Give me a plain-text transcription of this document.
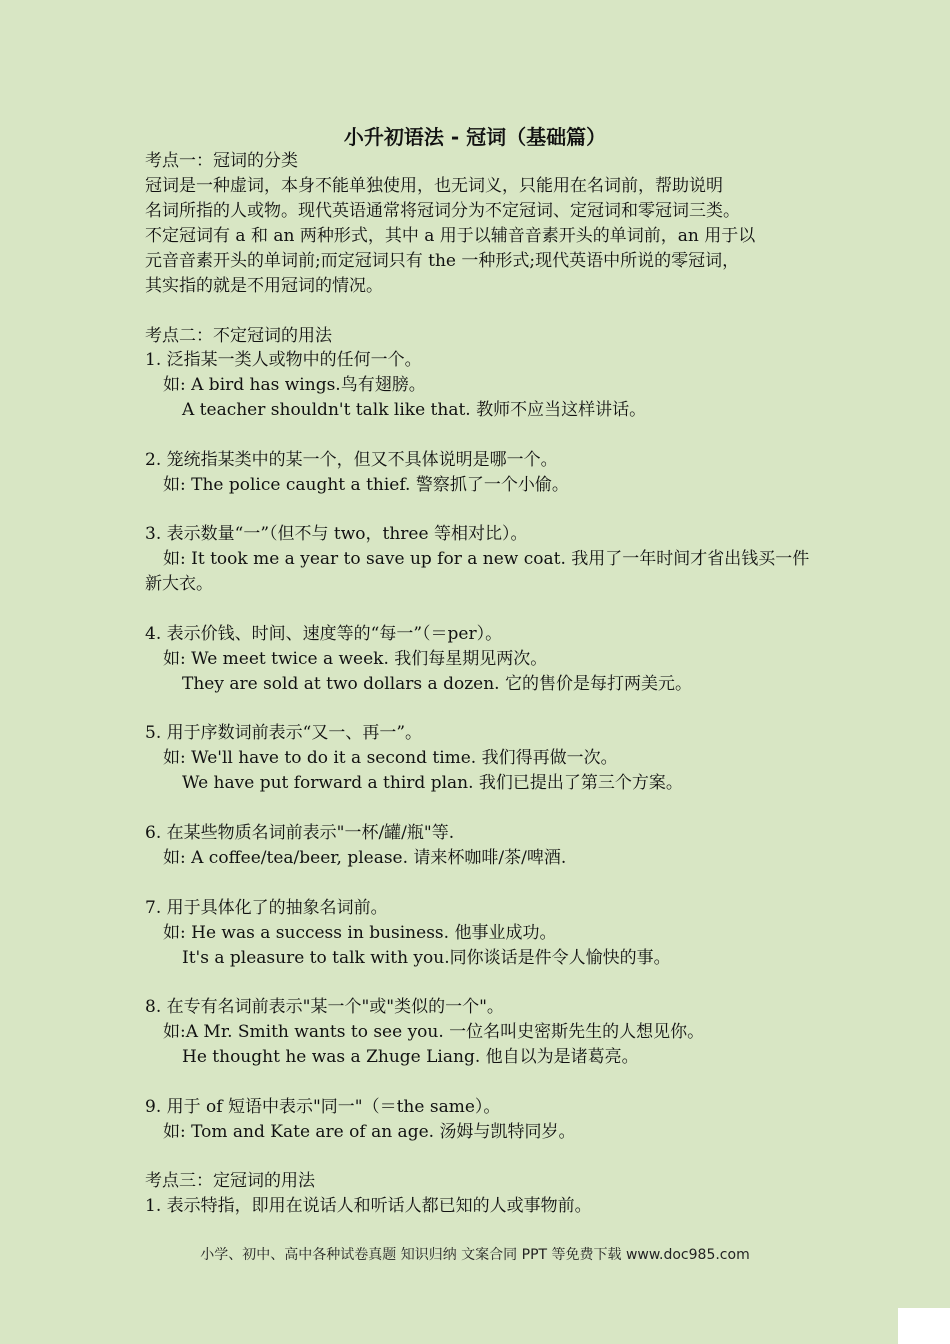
小升初语法 - 冠词（基础篇）
考点一：冠词的分类
冠词是一种虚词，本身不能单独使用，也无词义，只能用在名词前，帮助说明
名词所指的人或物。现代英语通常将冠词分为不定冠词、定冠词和零冠词三类。
不定冠词有 a 和 an 两种形式，其中 a 用于以辅音音素开头的单词前，an 用于以
元音音素开头的单词前;而定冠词只有 the 一种形式;现代英语中所说的零冠词，
其实指的就是不用冠词的情况。
考点二：不定冠词的用法
1. 泛指某一类人或物中的任何一个。
如: A bird has wings.鸟有翅膀。
A teacher shouldn't talk like that. 教师不应当这样讲话。
2. 笼统指某类中的某一个，但又不具体说明是哪一个。
如: The police caught a thief. 警察抓了一个小偷。
3. 表示数量“一”（但不与 two，three 等相对比）。
如: It took me a year to save up for a new coat. 我用了一年时间才省出钱买一件
新大衣。
4. 表示价钱、时间、速度等的“每一”（＝per）。
如: We meet twice a week. 我们每星期见两次。
They are sold at two dollars a dozen. 它的售价是每打两美元。
5. 用于序数词前表示“又一、再一”。
如: We'll have to do it a second time. 我们得再做一次。
We have put forward a third plan. 我们已提出了第三个方案。
6. 在某些物质名词前表示"一杯/罐/瓶"等.
如: A coffee/tea/beer, please. 请来杯咖啡/茶/啤酒.
7. 用于具体化了的抽象名词前。
如: He was a success in business. 他事业成功。
It's a pleasure to talk with you.同你谈话是件令人愉快的事。
8. 在专有名词前表示"某一个"或"类似的一个"。
如:A Mr. Smith wants to see you. 一位名叫史密斯先生的人想见你。
He thought he was a Zhuge Liang. 他自以为是诸葛亮。
9. 用于 of 短语中表示"同一"（＝the same）。
如: Tom and Kate are of an age. 汤姆与凯特同岁。
考点三：定冠词的用法
1. 表示特指，即用在说话人和听话人都已知的人或事物前。
小学、初中、高中各种试卷真题 知识归纳 文案合同 PPT 等免费下载 www.doc985.com
